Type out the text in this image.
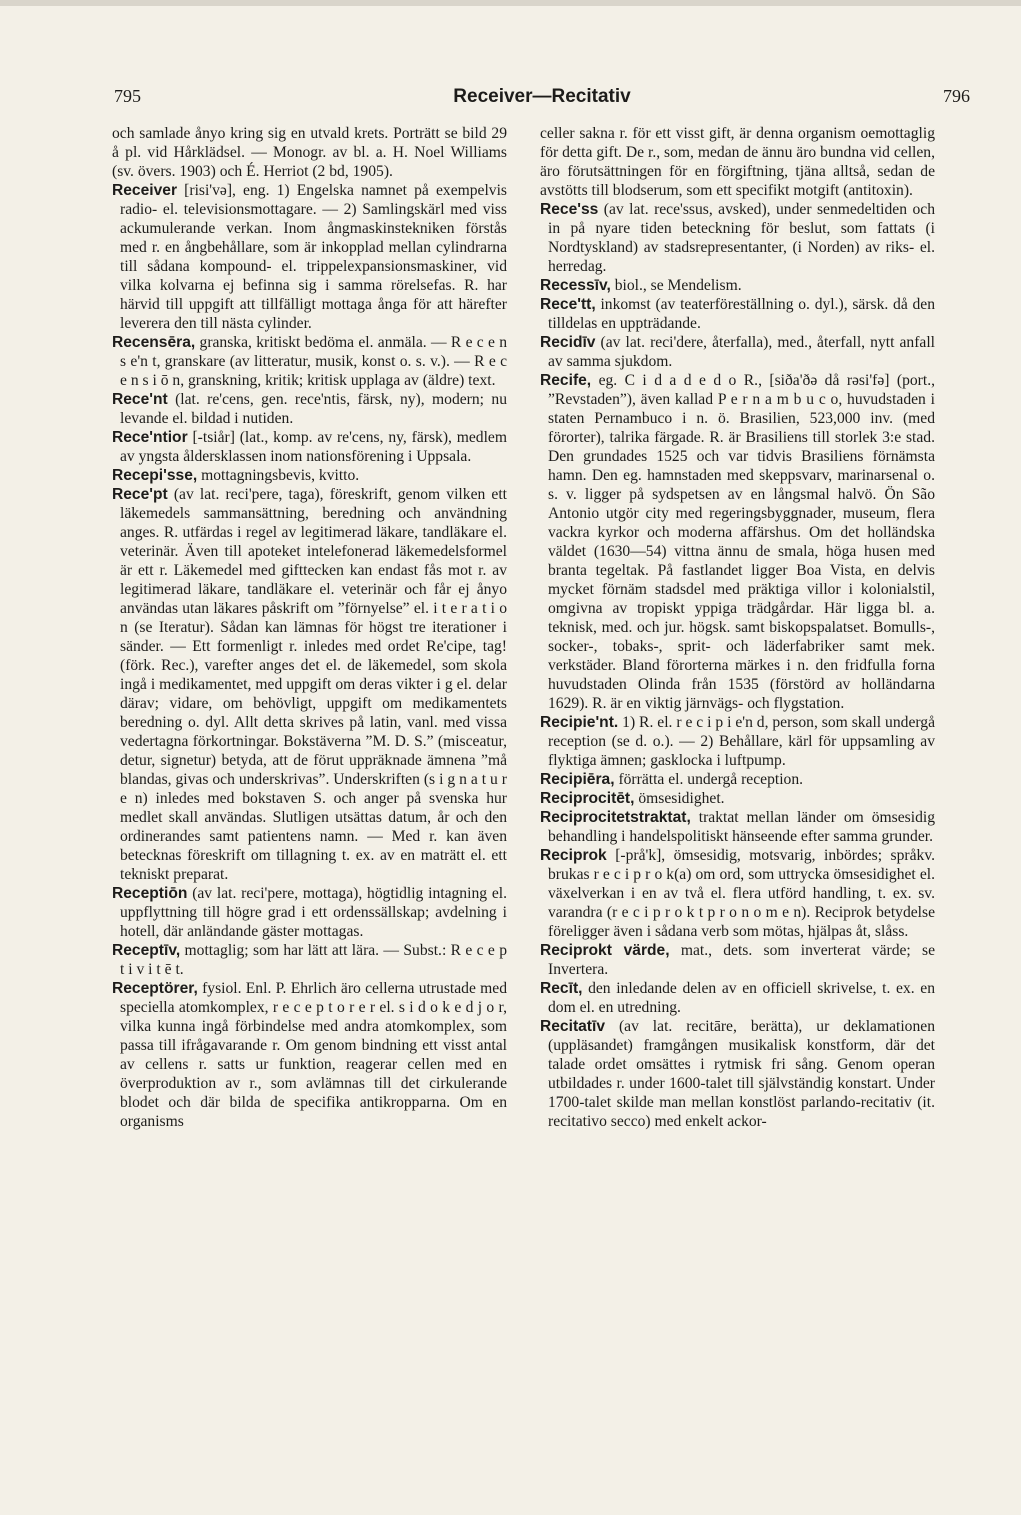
795	Receiver—Recitativ	796

och samlade ånyo kring sig en utvald krets. Porträtt se bild 29 å pl. vid Hårklädsel. — Monogr. av bl. a. H. Noel Williams (sv. övers. 1903) och É. Herriot (2 bd, 1905).

Receiver [risi'və], eng. 1) Engelska namnet på exempelvis radio- el. televisionsmottagare. — 2) Samlingskärl med viss ackumulerande verkan. Inom ångmaskinstekniken förstås med r. en ångbehållare, som är inkopplad mellan cylindrarna till sådana kompound- el. trippelexpansionsmaskiner, vid vilka kolvarna ej befinna sig i samma rörelsefas. R. har härvid till uppgift att tillfälligt mottaga ånga för att härefter leverera den till nästa cylinder.

Recensēra, granska, kritiskt bedöma el. anmäla. — R e c e n s e'n t, granskare (av litteratur, musik, konst o. s. v.). — R e c e n s i ō n, granskning, kritik; kritisk upplaga av (äldre) text.

Rece'nt (lat. re'cens, gen. rece'ntis, färsk, ny), modern; nu levande el. bildad i nutiden.

Rece'ntior [-tsiår] (lat., komp. av re'cens, ny, färsk), medlem av yngsta åldersklassen inom nationsförening i Uppsala.

Recepi'sse, mottagningsbevis, kvitto.

Rece'pt (av lat. reci'pere, taga), föreskrift, genom vilken ett läkemedels sammansättning, beredning och användning anges. R. utfärdas i regel av legitimerad läkare, tandläkare el. veterinär. Även till apoteket intelefonerad läkemedelsformel är ett r. Läkemedel med gifttecken kan endast fås mot r. av legitimerad läkare, tandläkare el. veterinär och får ej ånyo användas utan läkares påskrift om ”förnyelse” el. i t e r a t i o n (se Iteratur). Sådan kan lämnas för högst tre iterationer i sänder. — Ett formenligt r. inledes med ordet Re'cipe, tag! (förk. Rec.), varefter anges det el. de läkemedel, som skola ingå i medikamentet, med uppgift om deras vikter i g el. delar därav; vidare, om behövligt, uppgift om medikamentets beredning o. dyl. Allt detta skrives på latin, vanl. med vissa vedertagna förkortningar. Bokstäverna ”M. D. S.” (misceatur, detur, signetur) betyda, att de förut uppräknade ämnena ”må blandas, givas och underskrivas”. Underskriften (s i g n a t u r e n) inledes med bokstaven S. och anger på svenska hur medlet skall användas. Slutligen utsättas datum, år och den ordinerandes samt patientens namn. — Med r. kan även betecknas föreskrift om tillagning t. ex. av en maträtt el. ett tekniskt preparat.

Receptiōn (av lat. reci'pere, mottaga), högtidlig intagning el. uppflyttning till högre grad i ett ordenssällskap; avdelning i hotell, där anländande gäster mottagas.

Receptīv, mottaglig; som har lätt att lära. — Subst.: R e c e p t i v i t ē t.

Receptörer, fysiol. Enl. P. Ehrlich äro cellerna utrustade med speciella atomkomplex, r e c e p t o r e r el. s i d o k e d j o r, vilka kunna ingå förbindelse med andra atomkomplex, som passa till ifrågavarande r. Om genom bindning ett visst antal av cellens r. satts ur funktion, reagerar cellen med en överproduktion av r., som avlämnas till det cirkulerande blodet och där bilda de specifika antikropparna. Om en organisms

celler sakna r. för ett visst gift, är denna organism oemottaglig för detta gift. De r., som, medan de ännu äro bundna vid cellen, äro förutsättningen för en förgiftning, tjäna alltså, sedan de avstötts till blodserum, som ett specifikt motgift (antitoxin).

Rece'ss (av lat. rece'ssus, avsked), under senmedeltiden och in på nyare tiden beteckning för beslut, som fattats (i Nordtyskland) av stadsrepresentanter, (i Norden) av riks- el. herredag.

Recessīv, biol., se Mendelism.

Rece'tt, inkomst (av teaterföreställning o. dyl.), särsk. då den tilldelas en uppträdande.

Recidīv (av lat. reci'dere, återfalla), med., återfall, nytt anfall av samma sjukdom.

Recife, eg. C i d a d e d o R., [siða'ðə då rəsi'fə] (port., ”Revstaden”), även kallad P e r n a m b u c o, huvudstaden i staten Pernambuco i n. ö. Brasilien, 523,000 inv. (med förorter), talrika färgade. R. är Brasiliens till storlek 3:e stad. Den grundades 1525 och var tidvis Brasiliens förnämsta hamn. Den eg. hamnstaden med skeppsvarv, marinarsenal o. s. v. ligger på sydspetsen av en långsmal halvö. Ön São Antonio utgör city med regeringsbyggnader, museum, flera vackra kyrkor och moderna affärshus. Om det holländska väldet (1630—54) vittna ännu de smala, höga husen med branta tegeltak. På fastlandet ligger Boa Vista, en delvis mycket förnäm stadsdel med präktiga villor i kolonialstil, omgivna av tropiskt yppiga trädgårdar. Här ligga bl. a. teknisk, med. och jur. högsk. samt biskopspalatset. Bomulls-, socker-, tobaks-, sprit- och läderfabriker samt mek. verkstäder. Bland förorterna märkes i n. den fridfulla forna huvudstaden Olinda från 1535 (förstörd av holländarna 1629). R. är en viktig järnvägs- och flygstation.

Recipie'nt. 1) R. el. r e c i p i e'n d, person, som skall undergå reception (se d. o.). — 2) Behållare, kärl för uppsamling av flyktiga ämnen; gasklocka i luftpump.

Recipiēra, förrätta el. undergå reception.

Reciprocitēt, ömsesidighet.

Reciprocitetstraktat, traktat mellan länder om ömsesidig behandling i handelspolitiskt hänseende efter samma grunder.

Reciprok [-prå'k], ömsesidig, motsvarig, inbördes; språkv. brukas r e c i p r o k(a) om ord, som uttrycka ömsesidighet el. växelverkan i en av två el. flera utförd handling, t. ex. sv. varandra (r e c i p r o k t p r o n o m e n). Reciprok betydelse föreligger även i sådana verb som mötas, hjälpas åt, slåss.

Reciprokt värde, mat., dets. som inverterat värde; se Invertera.

Recīt, den inledande delen av en officiell skrivelse, t. ex. en dom el. en utredning.

Recitatīv (av lat. recitāre, berätta), ur deklamationen (uppläsandet) framgången musikalisk konstform, där det talade ordet omsättes i rytmisk fri sång. Genom operan utbildades r. under 1600-talet till självständig konstart. Under 1700-talet skilde man mellan konstlöst parlando-recitativ (it. recitativo secco) med enkelt ackor-
